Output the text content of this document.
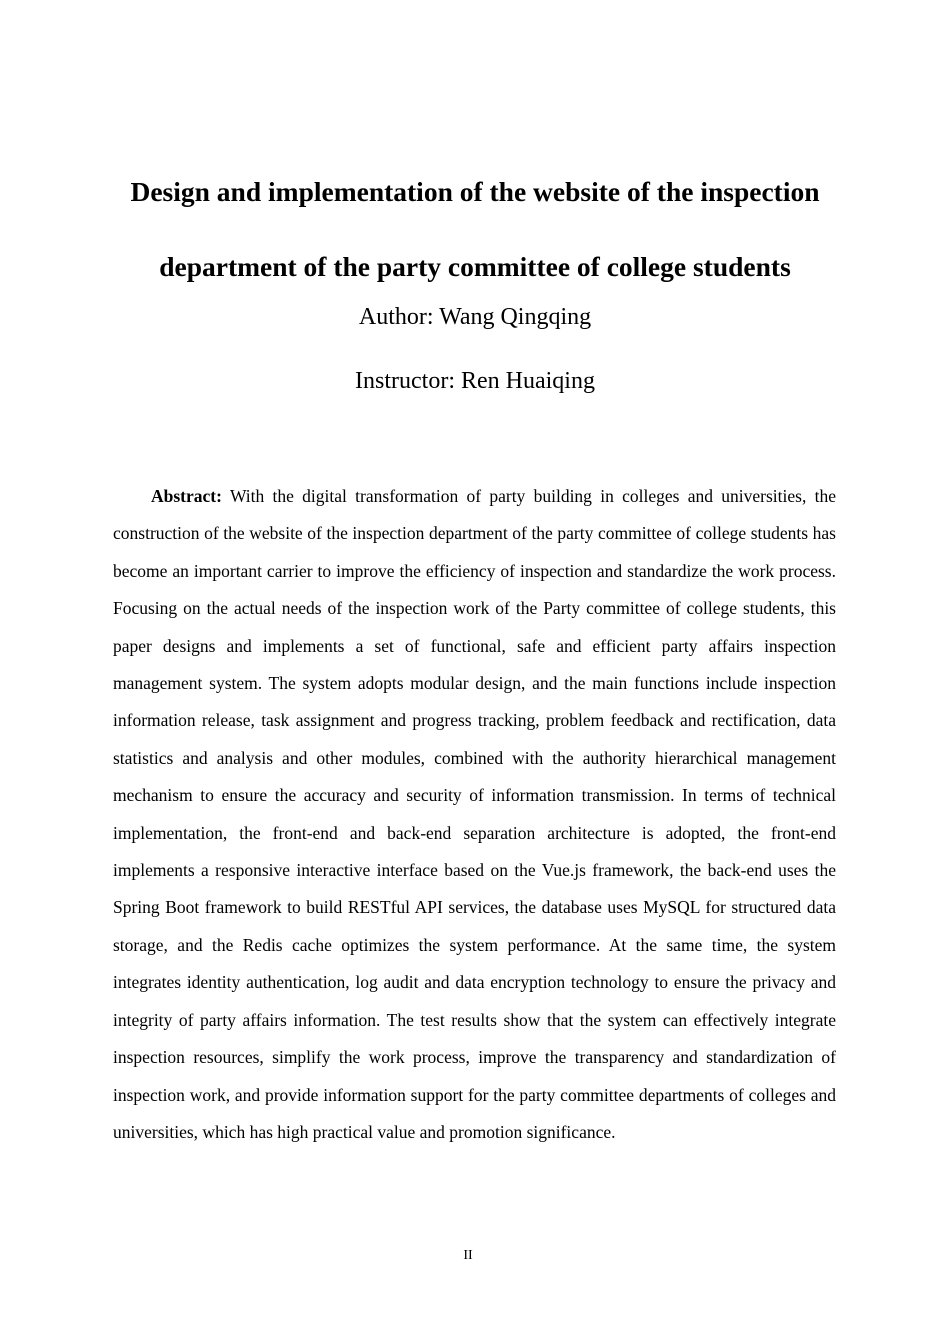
Design and implementation of the website of the inspection
department of the party committee of college students
Author: Wang Qingqing
Instructor: Ren Huaiqing

Abstract: With the digital transformation of party building in colleges and universities, the construction of the website of the inspection department of the party committee of college students has become an important carrier to improve the efficiency of inspection and standardize the work process. Focusing on the actual needs of the inspection work of the Party committee of college students, this paper designs and implements a set of functional, safe and efficient party affairs inspection management system. The system adopts modular design, and the main functions include inspection information release, task assignment and progress tracking, problem feedback and rectification, data statistics and analysis and other modules, combined with the authority hierarchical management mechanism to ensure the accuracy and security of information transmission. In terms of technical implementation, the front-end and back-end separation architecture is adopted, the front-end implements a responsive interactive interface based on the Vue.js framework, the back-end uses the Spring Boot framework to build RESTful API services, the database uses MySQL for structured data storage, and the Redis cache optimizes the system performance. At the same time, the system integrates identity authentication, log audit and data encryption technology to ensure the privacy and integrity of party affairs information. The test results show that the system can effectively integrate inspection resources, simplify the work process, improve the transparency and standardization of inspection work, and provide information support for the party committee departments of colleges and universities, which has high practical value and promotion significance.

II
